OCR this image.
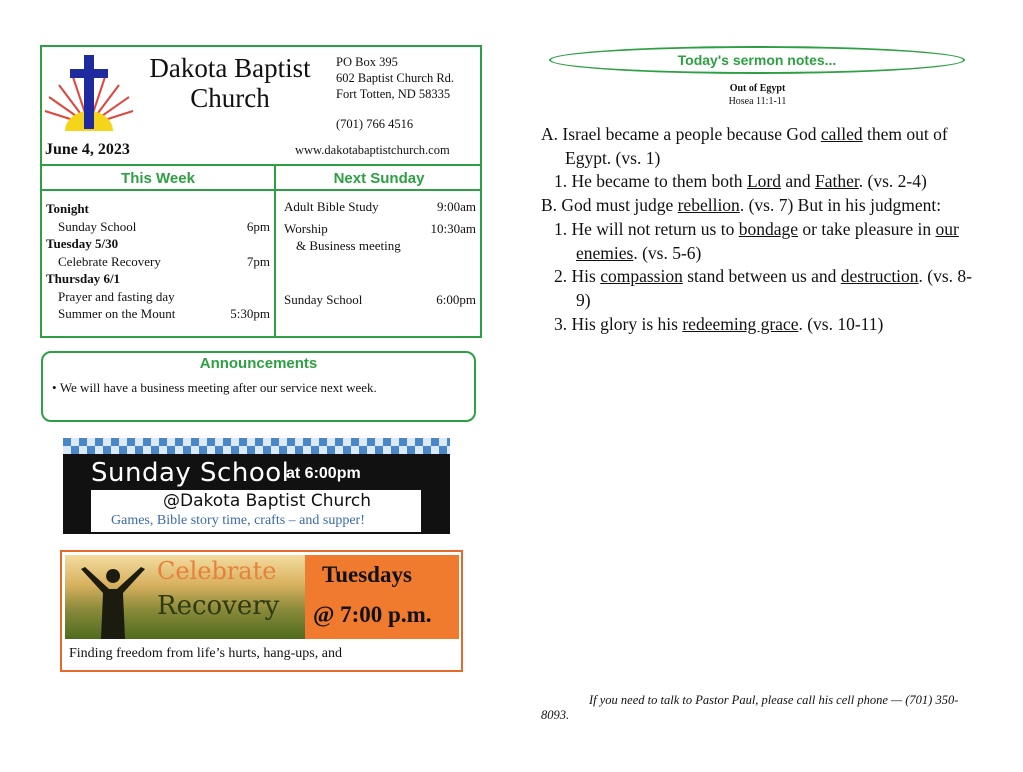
Dakota Baptist Church
PO Box 395
602 Baptist Church Rd.
Fort Totten, ND 58335
(701) 766 4516
June 4, 2023	www.dakotabaptistchurch.com
This Week	Next Sunday
Tonight
Sunday School	6pm
Tuesday 5/30
Celebrate Recovery	7pm
Thursday 6/1
Prayer and fasting day
Summer on the Mount	5:30pm
Adult Bible Study	9:00am
Worship	10:30am
& Business meeting
Sunday School	6:00pm
Announcements
• We will have a business meeting after our service next week.
Sunday School
at 6:00pm
@Dakota Baptist Church
Games, Bible story time, crafts – and supper!
Celebrate
Recovery
Tuesdays
@ 7:00 p.m.
Finding freedom from life’s hurts, hang-ups, and
Today's sermon notes...
Out of Egypt
Hosea 11:1-11
A. Israel became a people because God called them out of Egypt. (vs. 1)
1. He became to them both Lord and Father. (vs. 2-4)
B. God must judge rebellion. (vs. 7) But in his judgment:
1. He will not return us to bondage or take pleasure in our enemies. (vs. 5-6)
2. His compassion stand between us and destruction. (vs. 8-9)
3. His glory is his redeeming grace. (vs. 10-11)
If you need to talk to Pastor Paul, please call his cell phone — (701) 350-8093.
